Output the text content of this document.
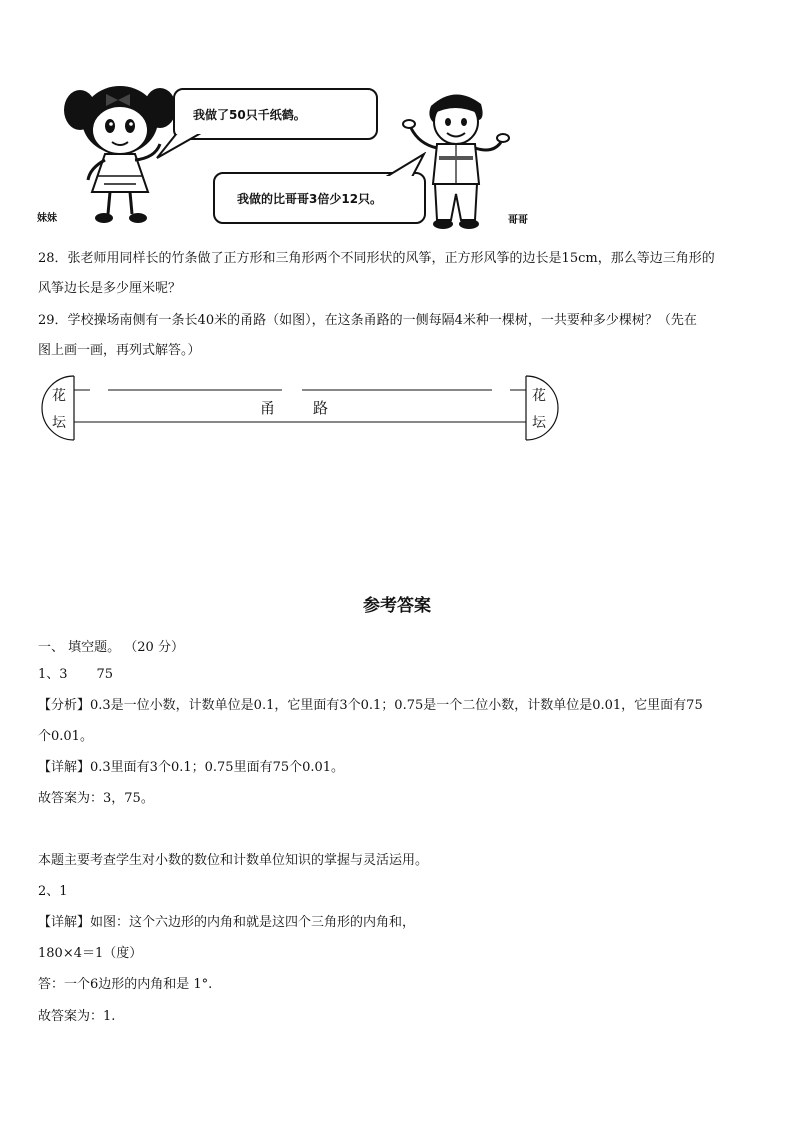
我做了50只千纸鹤。
我做的比哥哥3倍少12只。
妹妹	哥哥
28．张老师用同样长的竹条做了正方形和三角形两个不同形状的风筝，正方形风筝的边长是15cm，那么等边三角形的
风筝边长是多少厘米呢？
29．学校操场南侧有一条长40米的甬路（如图），在这条甬路的一侧每隔4米种一棵树，一共要种多少棵树？（先在
图上画一画，再列式解答。）
花
坛
花
坛
甬	路
参考答案
一、 填空题。 （20 分）
1、3       75
【分析】0.3是一位小数，计数单位是0.1，它里面有3个0.1；0.75是一个二位小数，计数单位是0.01，它里面有75
个0.01。
【详解】0.3里面有3个0.1；0.75里面有75个0.01。
故答案为：3，75。
本题主要考查学生对小数的数位和计数单位知识的掌握与灵活运用。
2、1
【详解】如图：这个六边形的内角和就是这四个三角形的内角和，
180×4＝1（度）
答：一个6边形的内角和是 1°.
故答案为：1.
